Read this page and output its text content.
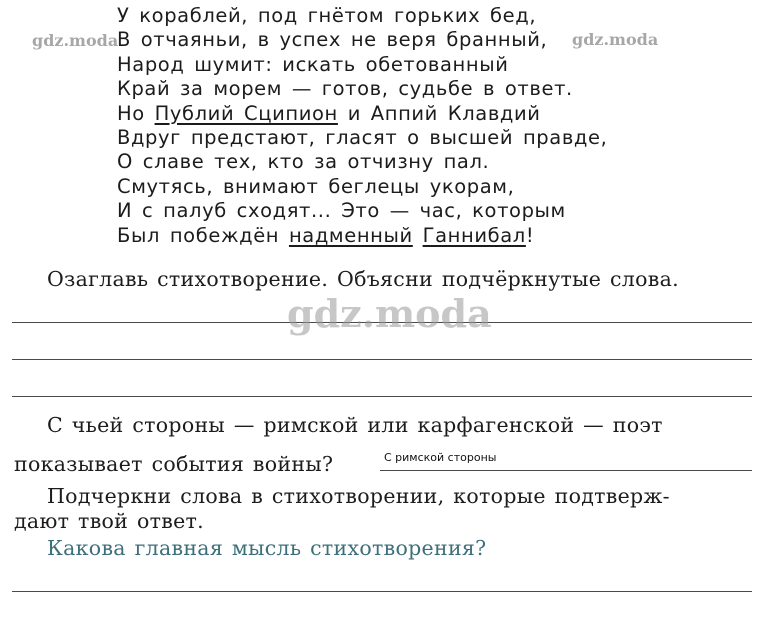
У кораблей, под гнётом горьких бед,
В отчаяньи, в успех не веря бранный,
Народ шумит: искать обетованный
Край за морем — готов, судьбе в ответ.
Но Публий Сципион и Аппий Клавдий
Вдруг предстают, гласят о высшей правде,
О славе тех, кто за отчизну пал.
Смутясь, внимают беглецы укорам,
И с палуб сходят... Это — час, которым
Был побеждён надменный Ганнибал!
Озаглавь стихотворение. Объясни подчёркнутые слова.
С чьей стороны — римской или карфагенской — поэт
показывает события войны?	С римской стороны
Подчеркни слова в стихотворении, которые подтверж-
дают твой ответ.
Какова главная мысль стихотворения?
gdz.moda	gdz.moda
gdz.moda
